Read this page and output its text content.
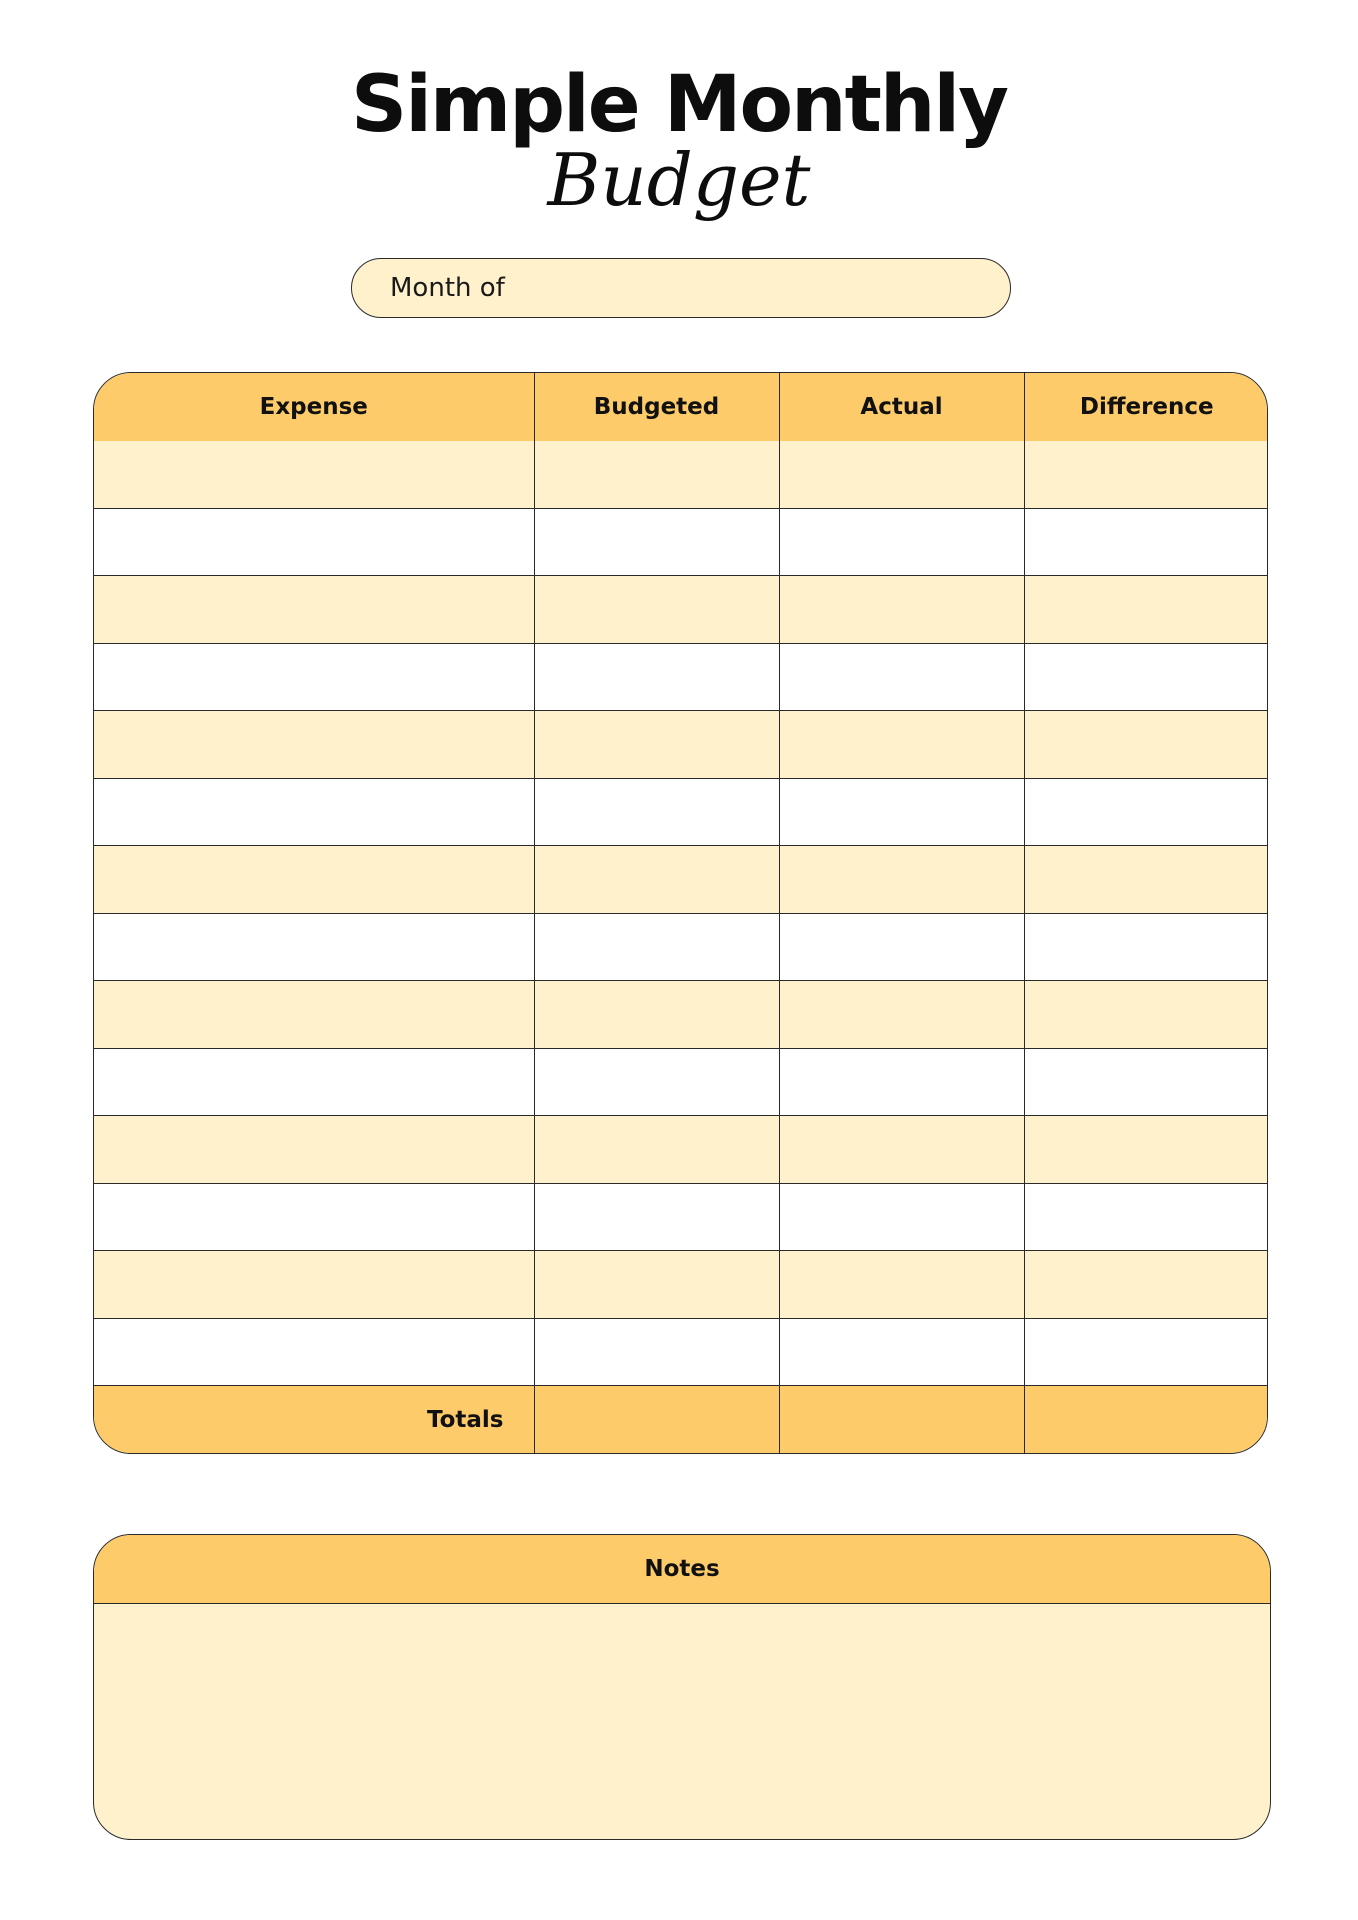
Simple Monthly
Budget
Month of
Expense	Budgeted	Actual	Difference

Totals			
Notes
